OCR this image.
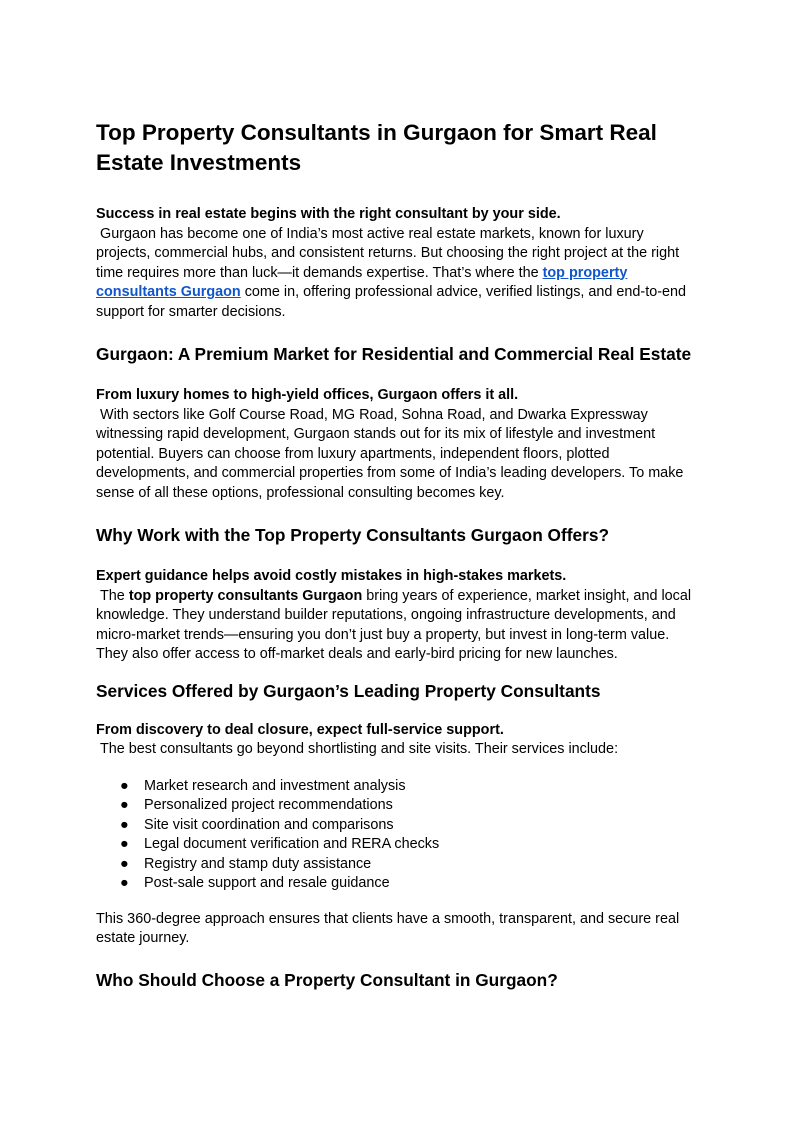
Top Property Consultants in Gurgaon for Smart Real Estate Investments
Success in real estate begins with the right consultant by your side.
Gurgaon has become one of India’s most active real estate markets, known for luxury projects, commercial hubs, and consistent returns. But choosing the right project at the right time requires more than luck—it demands expertise. That’s where the top property consultants Gurgaon come in, offering professional advice, verified listings, and end-to-end support for smarter decisions.
Gurgaon: A Premium Market for Residential and Commercial Real Estate
From luxury homes to high-yield offices, Gurgaon offers it all.
With sectors like Golf Course Road, MG Road, Sohna Road, and Dwarka Expressway witnessing rapid development, Gurgaon stands out for its mix of lifestyle and investment potential. Buyers can choose from luxury apartments, independent floors, plotted developments, and commercial properties from some of India’s leading developers. To make sense of all these options, professional consulting becomes key.
Why Work with the Top Property Consultants Gurgaon Offers?
Expert guidance helps avoid costly mistakes in high-stakes markets.
The top property consultants Gurgaon bring years of experience, market insight, and local knowledge. They understand builder reputations, ongoing infrastructure developments, and micro-market trends—ensuring you don’t just buy a property, but invest in long-term value. They also offer access to off-market deals and early-bird pricing for new launches.
Services Offered by Gurgaon’s Leading Property Consultants
From discovery to deal closure, expect full-service support.
The best consultants go beyond shortlisting and site visits. Their services include:
● Market research and investment analysis
● Personalized project recommendations
● Site visit coordination and comparisons
● Legal document verification and RERA checks
● Registry and stamp duty assistance
● Post-sale support and resale guidance
This 360-degree approach ensures that clients have a smooth, transparent, and secure real estate journey.
Who Should Choose a Property Consultant in Gurgaon?
